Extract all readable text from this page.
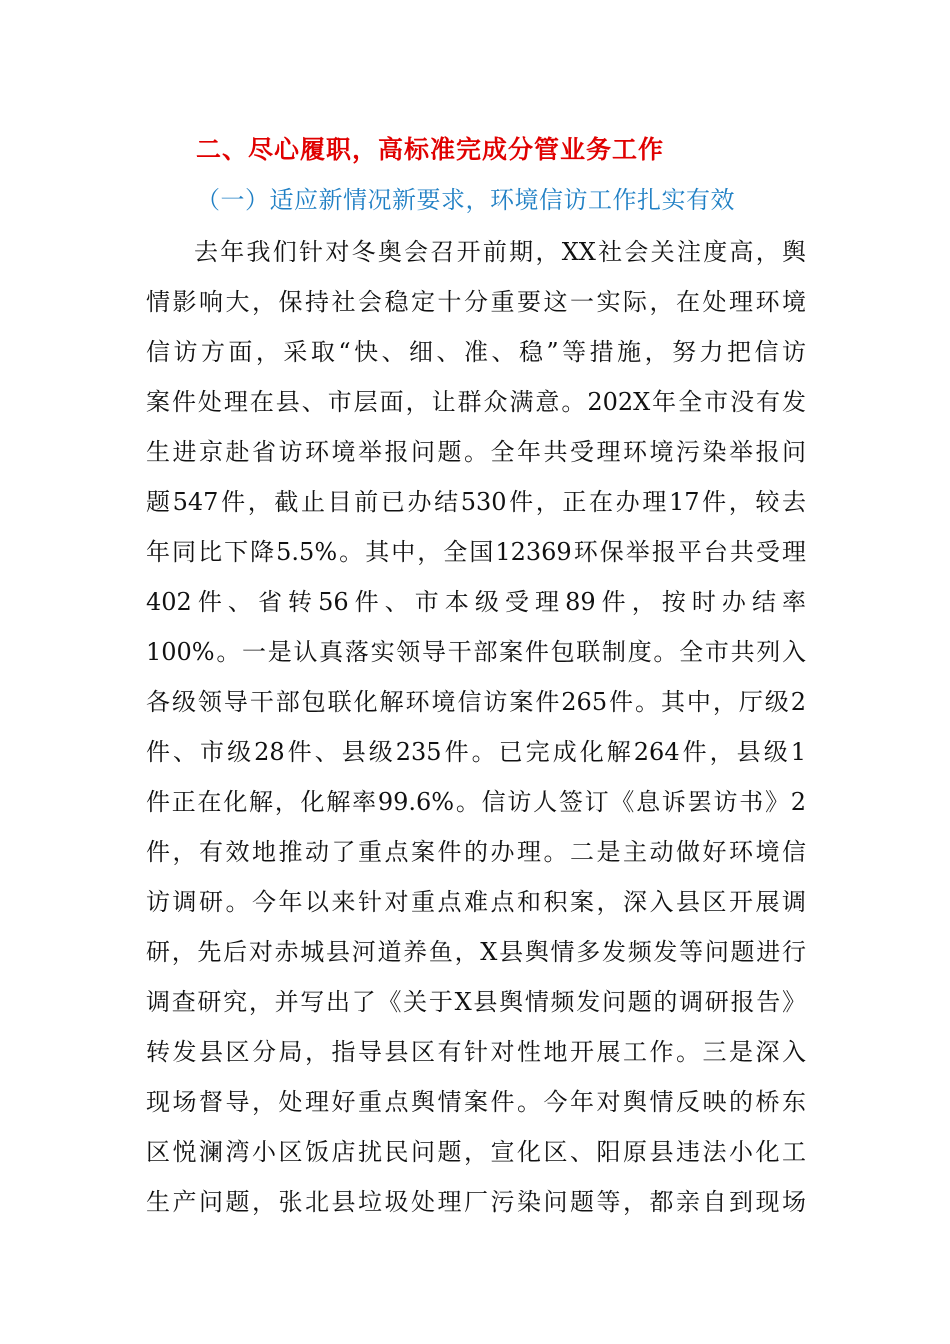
二、尽心履职，高标准完成分管业务工作
（一）适应新情况新要求，环境信访工作扎实有效
去年我们针对冬奥会召开前期，XX社会关注度高，舆
情影响大，保持社会稳定十分重要这一实际，在处理环境
信访方面，采取“快、细、准、稳”等措施，努力把信访
案件处理在县、市层面，让群众满意。202X年全市没有发
生进京赴省访环境举报问题。全年共受理环境污染举报问
题547件，截止目前已办结530件，正在办理17件，较去
年同比下降5.5%。其中，全国12369环保举报平台共受理
402件、省转56件、市本级受理89件，按时办结率
100%。一是认真落实领导干部案件包联制度。全市共列入
各级领导干部包联化解环境信访案件265件。其中，厅级2
件、市级28件、县级235件。已完成化解264件，县级1
件正在化解，化解率99.6%。信访人签订《息诉罢访书》2
件，有效地推动了重点案件的办理。二是主动做好环境信
访调研。今年以来针对重点难点和积案，深入县区开展调
研，先后对赤城县河道养鱼，X县舆情多发频发等问题进行
调查研究，并写出了《关于X县舆情频发问题的调研报告》
转发县区分局，指导县区有针对性地开展工作。三是深入
现场督导，处理好重点舆情案件。今年对舆情反映的桥东
区悦澜湾小区饭店扰民问题，宣化区、阳原县违法小化工
生产问题，张北县垃圾处理厂污染问题等，都亲自到现场
